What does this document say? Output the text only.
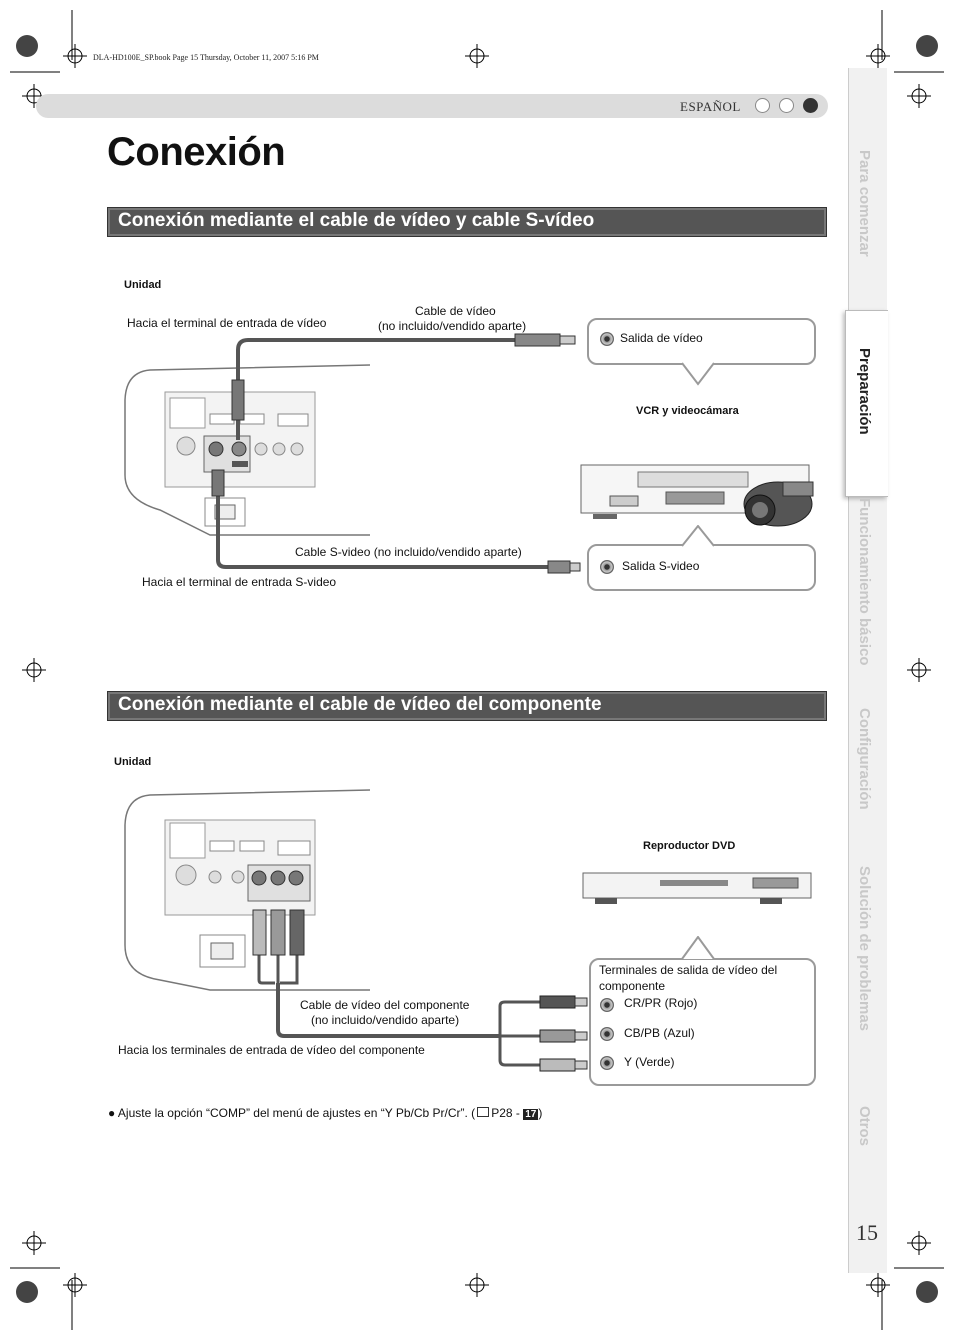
DLA-HD100E_SP.book Page 15 Thursday, October 11, 2007 5:16 PM
ESPAÑOL
Conexión
Conexión mediante el cable de vídeo y cable S-vídeo
Unidad
Hacia el terminal de entrada de vídeo
Cable de vídeo
(no incluido/vendido aparte)
Salida de vídeo
VCR y videocámara
Cable S-video (no incluido/vendido aparte)
Salida S-video
Hacia el terminal de entrada S-video
Conexión mediante el cable de vídeo del componente
Unidad
Reproductor DVD
Terminales de salida de vídeo del
componente
CR/PR (Rojo)
CB/PB (Azul)
Y (Verde)
Cable de vídeo del componente
(no incluido/vendido aparte)
Hacia los terminales de entrada de vídeo del componente
● Ajuste la opción “COMP” del menú de ajustes en “Y Pb/Cb Pr/Cr”. ( P28 - 17 )
Para comenzar
Preparación
Funcionamiento básico
Configuración
Solución de problemas
Otros
15
